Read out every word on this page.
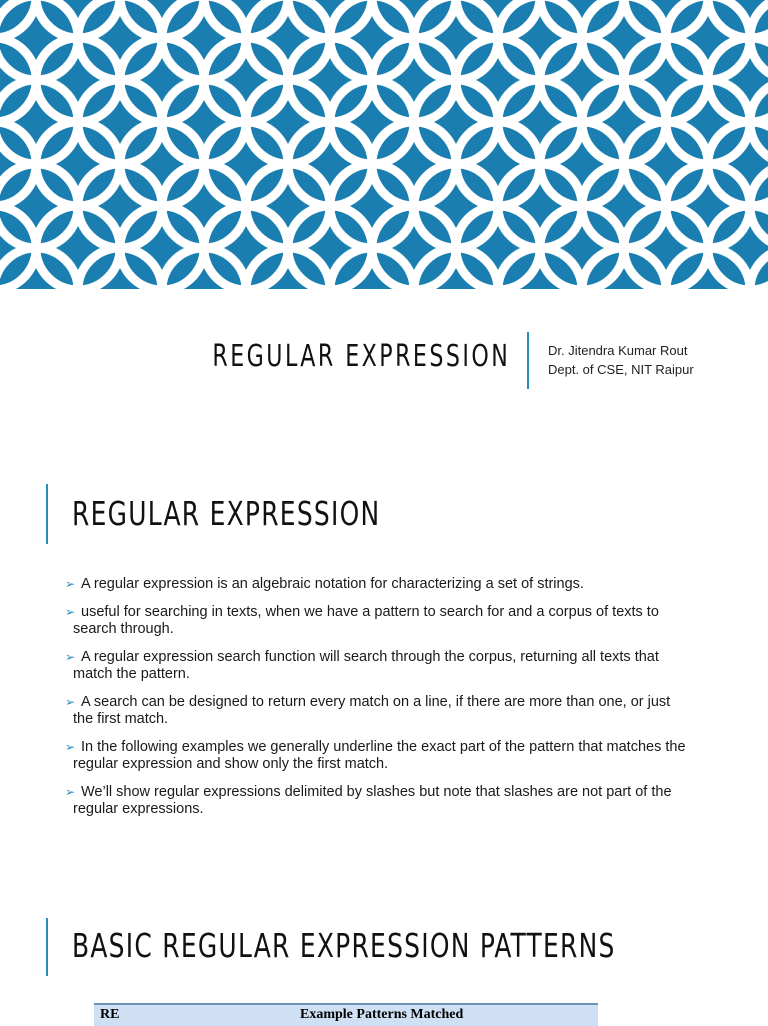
REGULAR EXPRESSION	Dr. Jitendra Kumar Rout
Dept. of CSE, NIT Raipur
REGULAR EXPRESSION
➢ A regular expression is an algebraic notation for characterizing a set of strings.
➢ useful for searching in texts, when we have a pattern to search for and a corpus of texts to search through.
➢ A regular expression search function will search through the corpus, returning all texts that match the pattern.
➢ A search can be designed to return every match on a line, if there are more than one, or just the first match.
➢ In the following examples we generally underline the exact part of the pattern that matches the regular expression and show only the first match.
➢ We’ll show regular expressions delimited by slashes but note that slashes are not part of the regular expressions.
BASIC REGULAR EXPRESSION PATTERNS
RE	Example Patterns Matched
